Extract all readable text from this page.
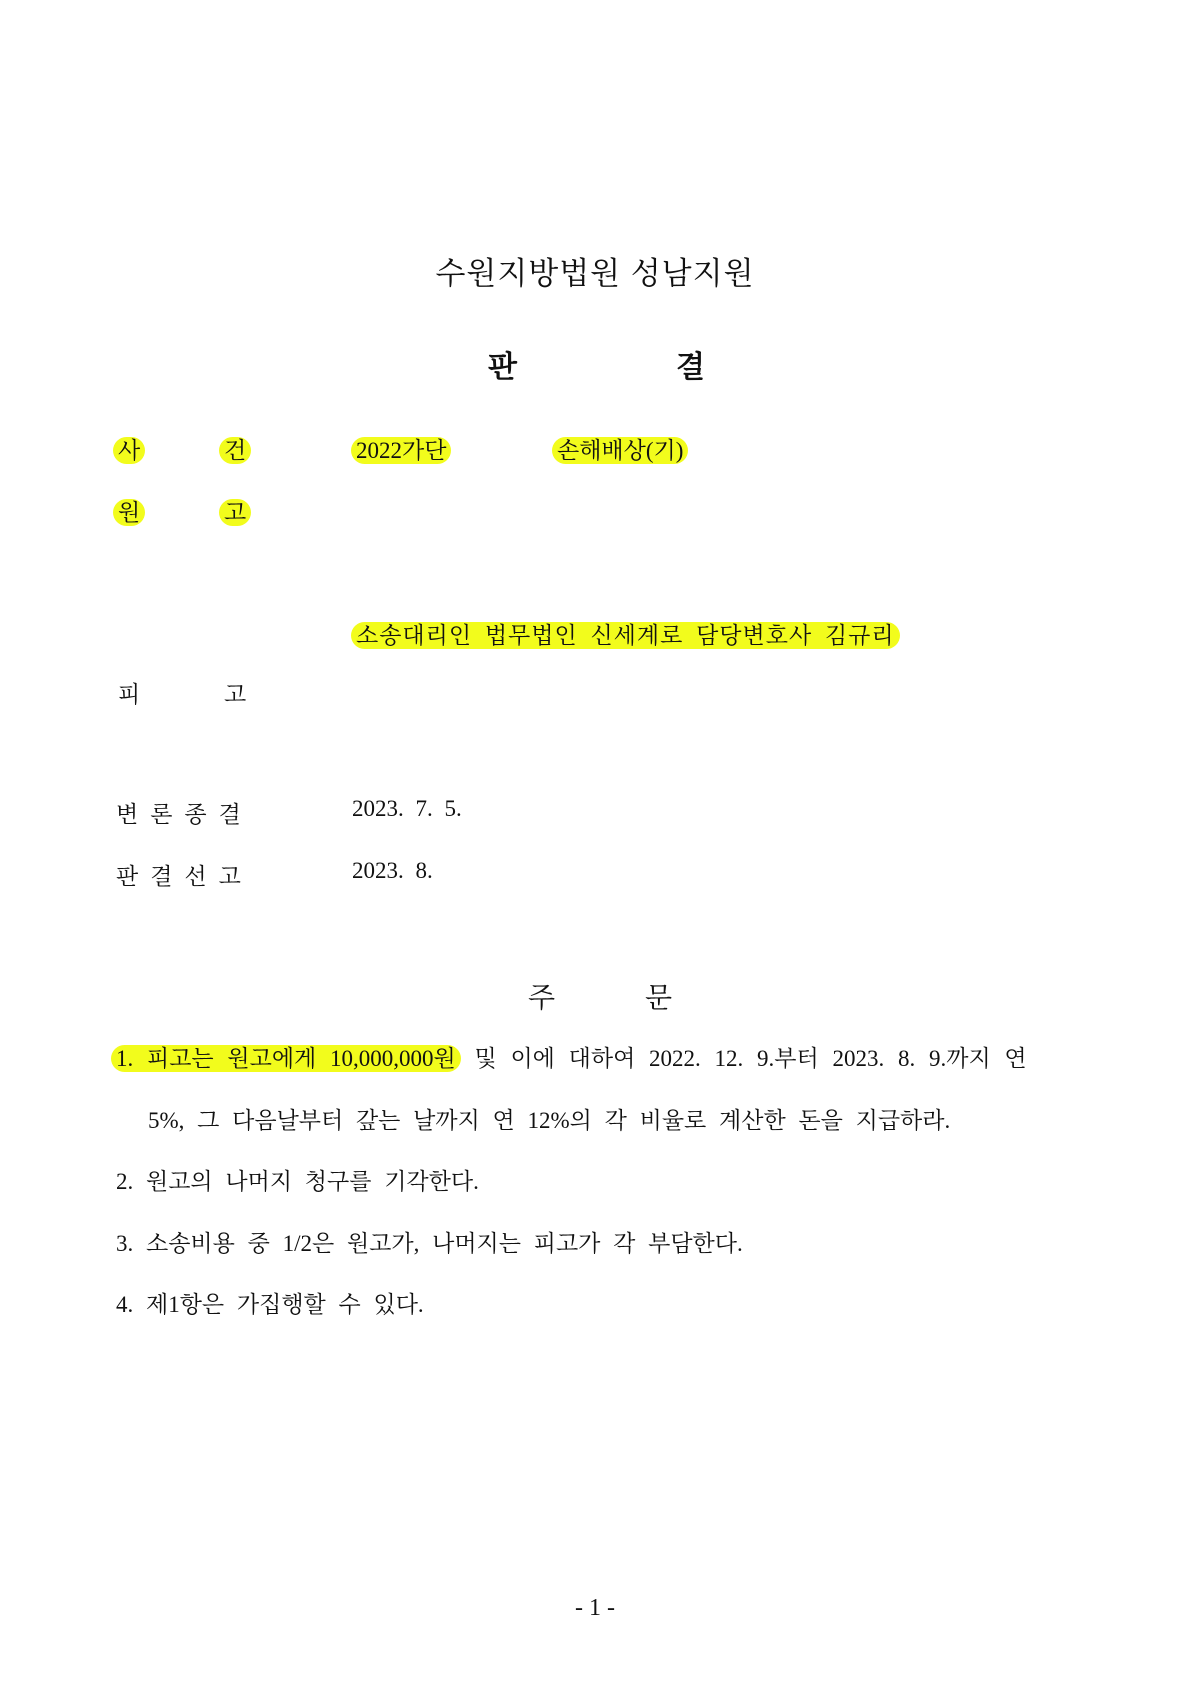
수원지방법원 성남지원
판	결
사	건	2022가단	손해배상(기)
원	고
소송대리인 법무법인 신세계로 담당변호사 김규리
피	고
변론종결	2023. 7. 5.
판결선고	2023. 8.
주	문
1. 피고는 원고에게 10,000,000원 및 이에 대하여 2022. 12. 9.부터 2023. 8. 9.까지 연
5%, 그 다음날부터 갚는 날까지 연 12%의 각 비율로 계산한 돈을 지급하라.
2. 원고의 나머지 청구를 기각한다.
3. 소송비용 중 1/2은 원고가, 나머지는 피고가 각 부담한다.
4. 제1항은 가집행할 수 있다.
- 1 -
